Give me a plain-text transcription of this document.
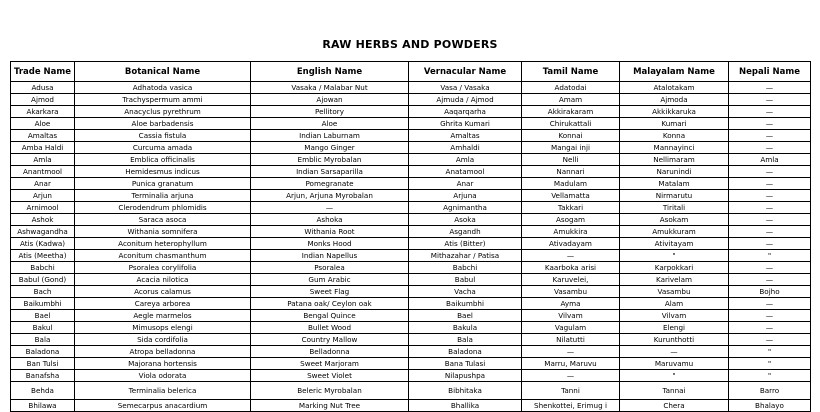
RAW HERBS AND POWDERS
Trade Name	Botanical Name	English Name	Vernacular Name	Tamil Name	Malayalam Name	Nepali Name
Adusa	Adhatoda vasica	Vasaka / Malabar Nut	Vasa / Vasaka	Adatodai	Atalotakam	—
Ajmod	Trachyspermum ammi	Ajowan	Ajmuda / Ajmod	Amam	Ajmoda	—
Akarkara	Anacyclus pyrethrum	Pellitory	Aaqarqarha	Akkirakaram	Akkikkaruka	—
Aloe	Aloe barbadensis	Aloe	Ghrita Kumari	Chirukattali	Kumari	—
Amaltas	Cassia fistula	Indian Laburnam	Amaltas	Konnai	Konna	—
Amba Haldi	Curcuma amada	Mango Ginger	Amhaldi	Mangai inji	Mannayinci	—
Amla	Emblica officinalis	Emblic Myrobalan	Amla	Nelli	Nellimaram	Amla
Anantmool	Hemidesmus indicus	Indian Sarsaparilla	Anatamool	Nannari	Narunindi	—
Anar	Punica granatum	Pomegranate	Anar	Madulam	Matalam	—
Arjun	Terminalia arjuna	Arjun, Arjuna Myrobalan	Arjuna	Vellamatta	Nirmarutu	—
Arnimool	Clerodendrum phlomidis	—	Agnimantha	Takkari	Tiritali	—
Ashok	Saraca asoca	Ashoka	Asoka	Asogam	Asokam	—
Ashwagandha	Withania somnifera	Withania Root	Asgandh	Amukkira	Amukkuram	—
Atis (Kadwa)	Aconitum heterophyllum	Monks Hood	Atis (Bitter)	Ativadayam	Ativitayam	—
Atis (Meetha)	Aconitum chasmanthum	Indian Napellus	Mithazahar / Patisa	—	"	"
Babchi	Psoralea corylifolia	Psoralea	Babchi	Kaarboka arisi	Karpokkari	—
Babul (Gond)	Acacia nilotica	Gum Arabic	Babul	Karuvelei,	Karivelam	—
Bach	Acorus calamus	Sweet Flag	Vacha	Vasambu	Vasambu	Bojho
Baikumbhi	Careya arborea	Patana oak/ Ceylon oak	Baikumbhi	Ayma	Alam	—
Bael	Aegle marmelos	Bengal Quince	Bael	Vilvam	Vilvam	—
Bakul	Mimusops elengi	Bullet Wood	Bakula	Vagulam	Elengi	—
Bala	Sida cordifolia	Country Mallow	Bala	Nilatutti	Kurunthotti	—
Baladona	Atropa belladonna	Belladonna	Baladona	—	—	"
Ban Tulsi	Majorana hortensis	Sweet Marjoram	Bana Tulasi	Marru, Maruvu	Maruvamu	"
Banafsha	Viola odorata	Sweet Violet	Nilapushpa	—	"	"
Behda	Terminalia belerica	Beleric Myrobalan	Bibhitaka	Tanni	Tannai	Barro
Bhilawa	Semecarpus anacardium	Marking Nut Tree	Bhallika	Shenkottei, Erimug i	Chera	Bhalayo
